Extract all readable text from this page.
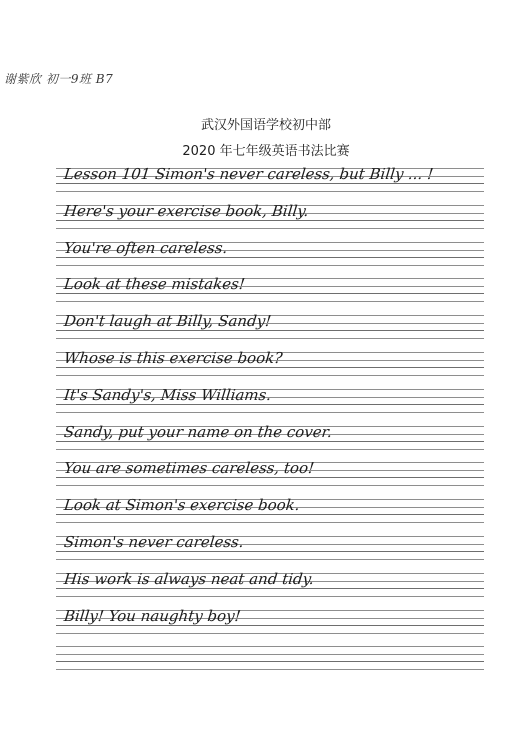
谢紫欣 初一9班 B7
武汉外国语学校初中部
2020 年七年级英语书法比赛
Lesson 101 Simon's never careless, but Billy ... !
Here's your exercise book, Billy.
You're often careless.
Look at these mistakes!
Don't laugh at Billy, Sandy!
Whose is this exercise book?
It's Sandy's, Miss Williams.
Sandy, put your name on the cover.
You are sometimes careless, too!
Look at Simon's exercise book.
Simon's never careless.
His work is always neat and tidy.
Billy! You naughty boy!
